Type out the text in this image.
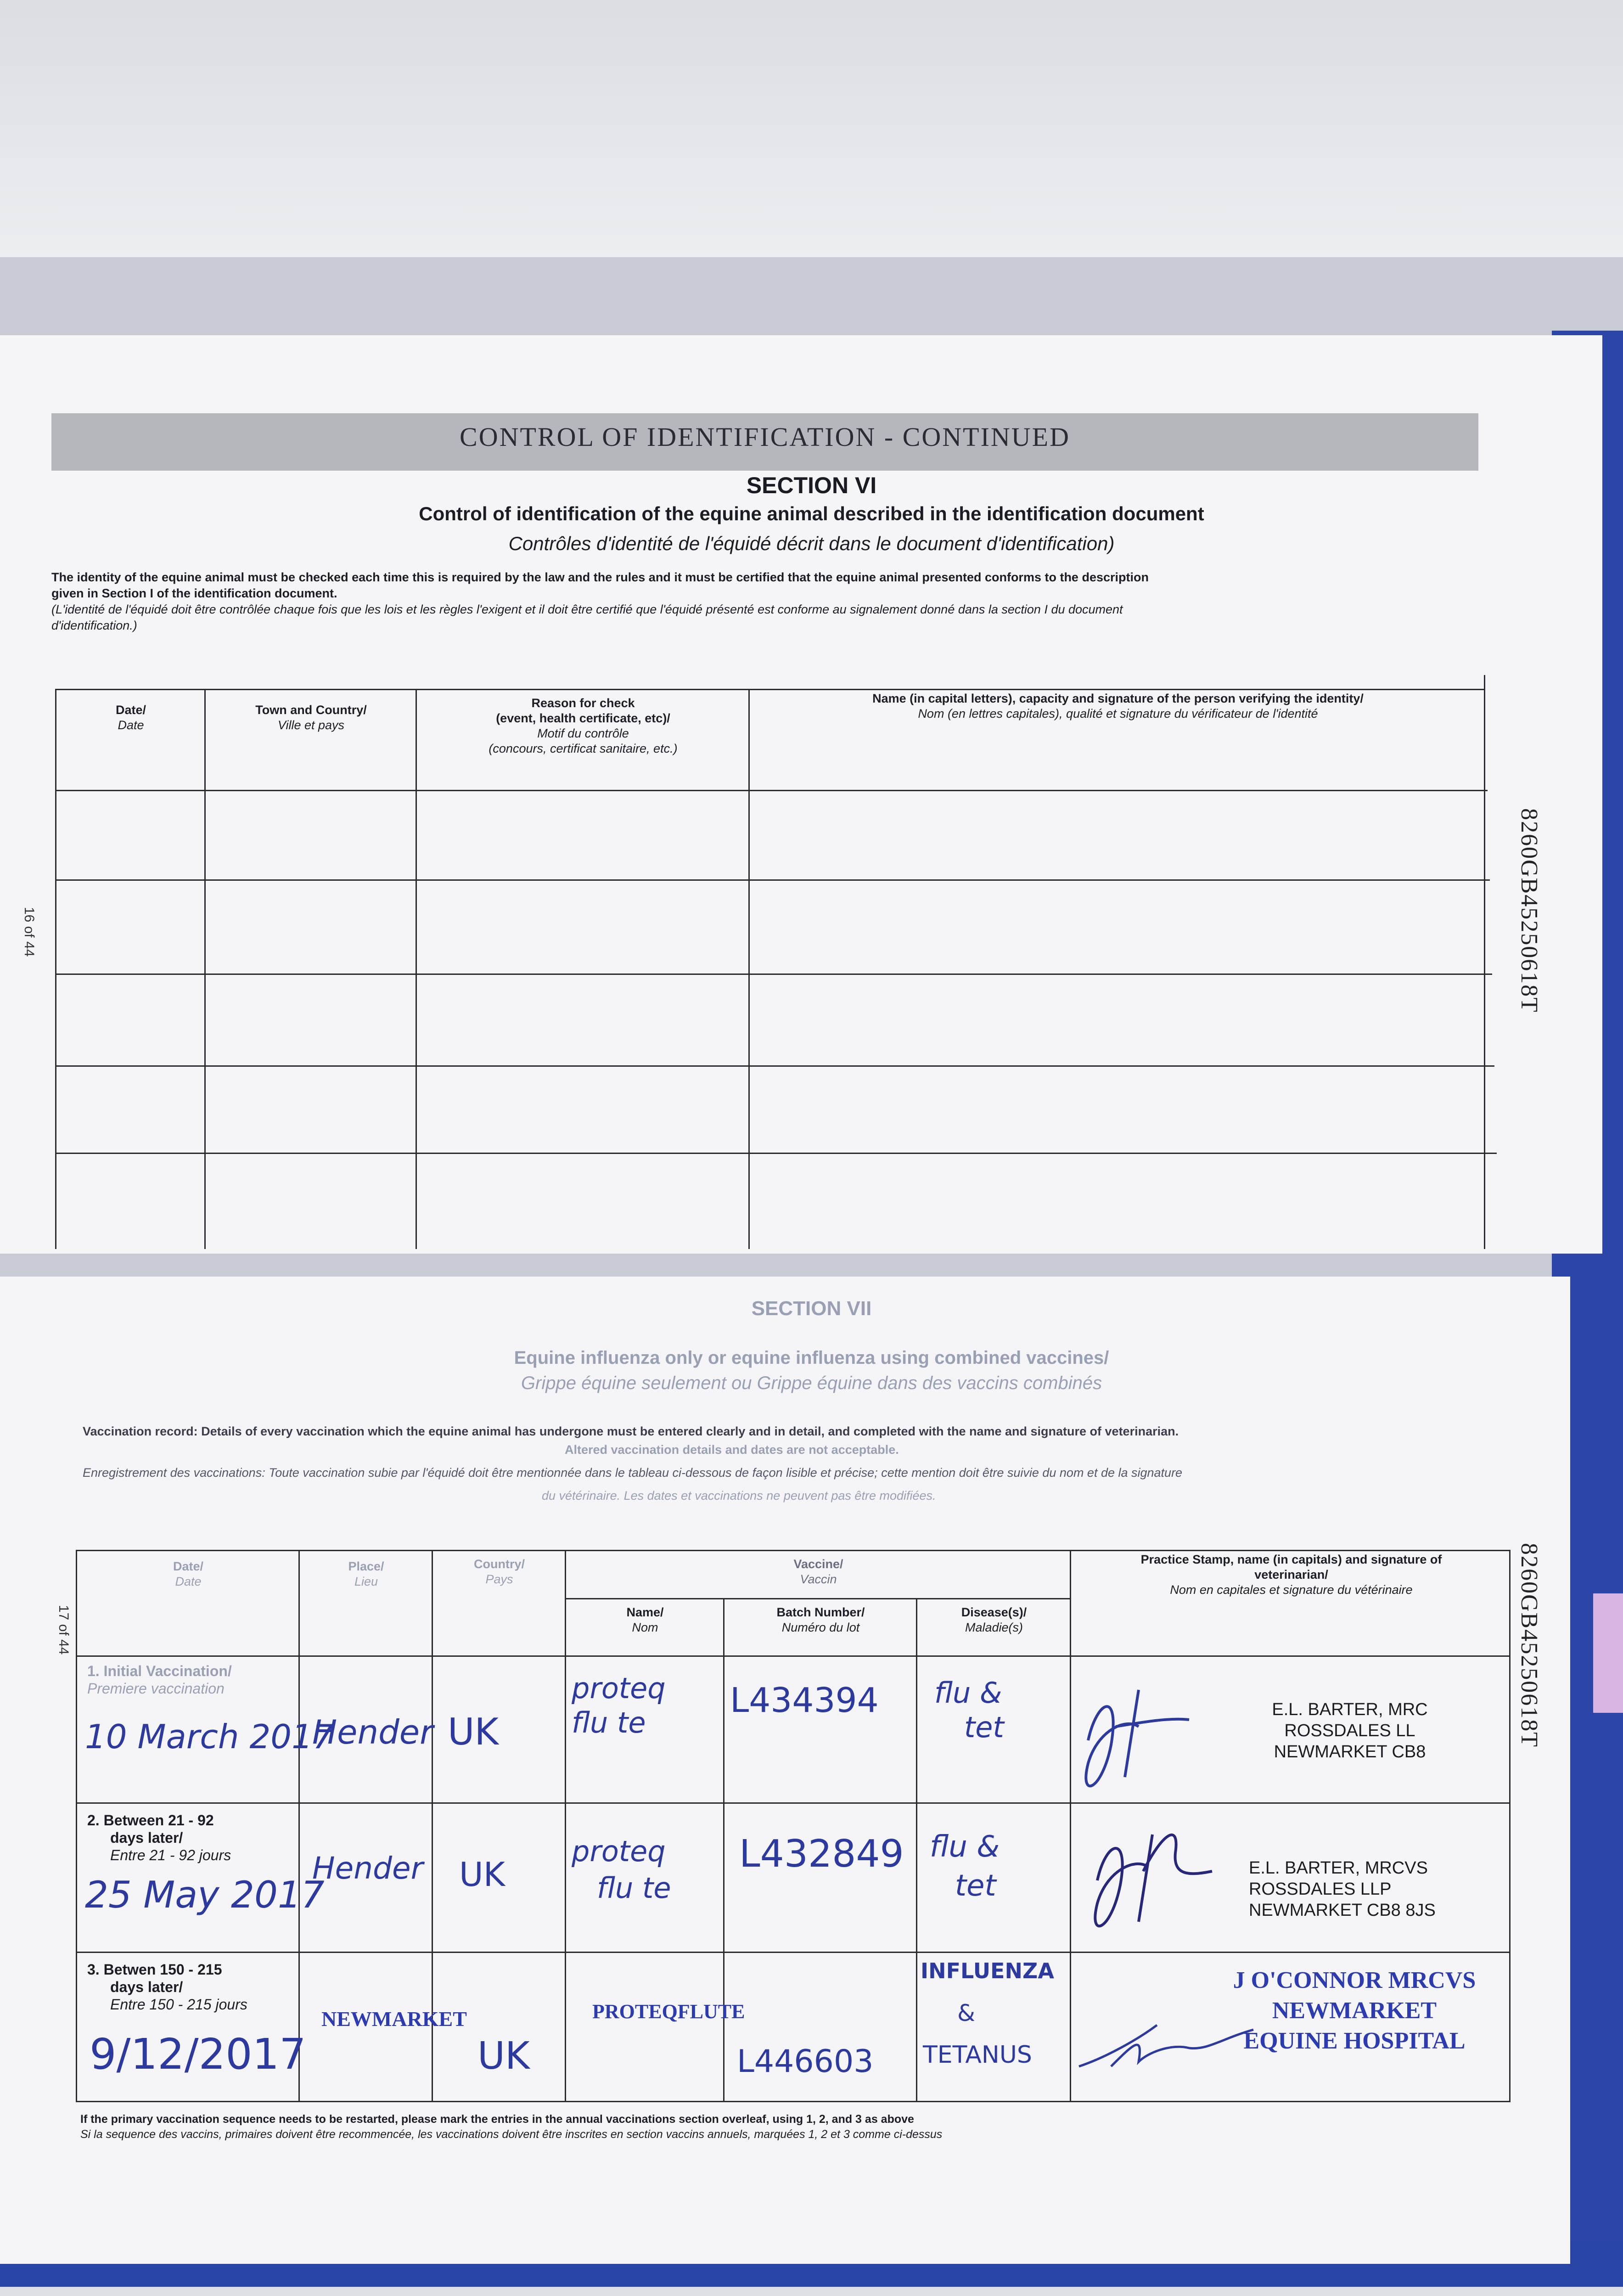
CONTROL OF IDENTIFICATION - CONTINUED
SECTION VI
Control of identification of the equine animal described in the identification document
Contrôles d'identité de l'équidé décrit dans le document d'identification)
The identity of the equine animal must be checked each time this is required by the law and the rules and it must be certified that the equine animal presented conforms to the description
given in Section I of the identification document.
(L'identité de l'équidé doit être contrôlée chaque fois que les lois et les règles l'exigent et il doit être certifié que l'équidé présenté est conforme au signalement donné dans la section I du document
d'identification.)
Date/
Date
Town and Country/
Ville et pays
Reason for check
(event, health certificate, etc)/
Motif du contrôle
(concours, certificat sanitaire, etc.)
Name (in capital letters), capacity and signature of the person verifying the identity/
Nom (en lettres capitales), qualité et signature du vérificateur de l'identité
16 of 44	8260GB45250618T
SECTION VII
Equine influenza only or equine influenza using combined vaccines/
Grippe équine seulement ou Grippe équine dans des vaccins combinés
Vaccination record: Details of every vaccination which the equine animal has undergone must be entered clearly and in detail, and completed with the name and signature of veterinarian.
Altered vaccination details and dates are not acceptable.
Enregistrement des vaccinations: Toute vaccination subie par l'équidé doit être mentionnée dans le tableau ci-dessous de façon lisible et précise; cette mention doit être suivie du nom et de la signature
du vétérinaire. Les dates et vaccinations ne peuvent pas être modifiées.
Date/
Date
Place/
Lieu
Country/
Pays
Vaccine/
Vaccin
Name/
Nom
Batch Number/
Numéro du lot
Disease(s)/
Maladie(s)
Practice Stamp, name (in capitals) and signature of
veterinarian/
Nom en capitales et signature du vétérinaire
1. Initial Vaccination/
Premiere vaccination
10 March 2017
Hender UK
proteq
flu te
L434394 flu &
tet
E.L. BARTER, MRC
ROSSDALES LL
NEWMARKET CB8
2. Between 21 - 92
days later/
Entre 21 - 92 jours
25 May 2017
Hender UK
proteq
flu te
L432849 flu &
tet
E.L. BARTER, MRCVS
ROSSDALES LLP
NEWMARKET CB8 8JS
3. Betwen 150 - 215
days later/
Entre 150 - 215 jours
9/12/2017
NEWMARKET
UK
PROTEQFLUTE
L446603
INFLUENZA
&
TETANUS
J O'CONNOR MRCVS
NEWMARKET
EQUINE HOSPITAL
If the primary vaccination sequence needs to be restarted, please mark the entries in the annual vaccinations section overleaf, using 1, 2, and 3 as above
Si la sequence des vaccins, primaires doivent être recommencée, les vaccinations doivent être inscrites en section vaccins annuels, marquées 1, 2 et 3 comme ci-dessus
17 of 44	8260GB45250618T
